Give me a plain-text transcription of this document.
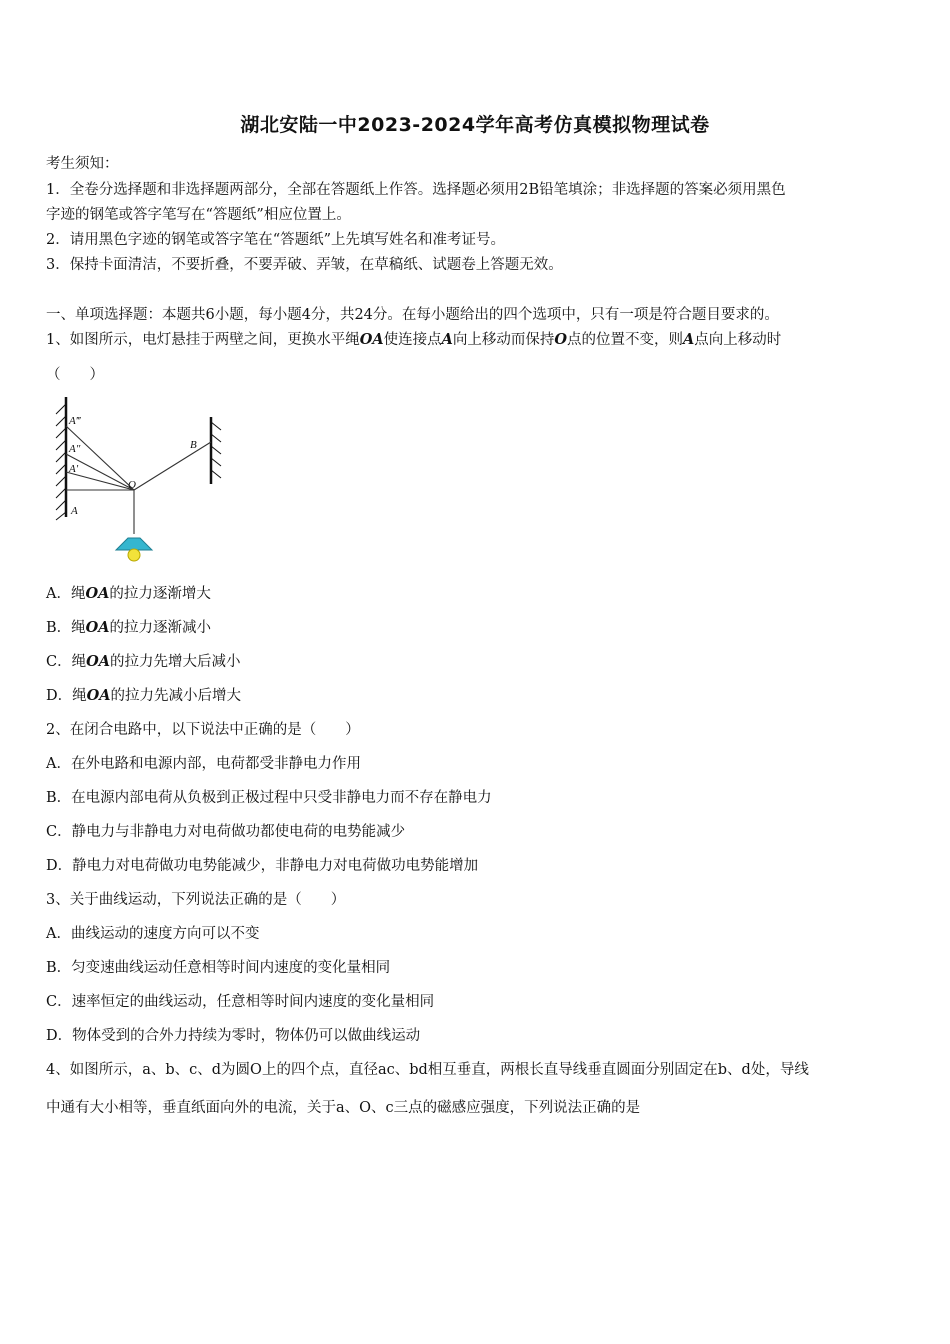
湖北安陆一中2023-2024学年高考仿真模拟物理试卷
考生须知：
1．全卷分选择题和非选择题两部分，全部在答题纸上作答。选择题必须用2B铅笔填涂；非选择题的答案必须用黑色
字迹的钢笔或答字笔写在“答题纸”相应位置上。
2．请用黑色字迹的钢笔或答字笔在“答题纸”上先填写姓名和准考证号。
3．保持卡面清洁，不要折叠，不要弄破、弄皱，在草稿纸、试题卷上答题无效。
一、单项选择题：本题共6小题，每小题4分，共24分。在每小题给出的四个选项中，只有一项是符合题目要求的。
1、如图所示，电灯悬挂于两壁之间，更换水平绳OA使连接点A向上移动而保持O点的位置不变，则A点向上移动时
（　　）
A‴
A″
A′
A
O
B
A．绳OA的拉力逐渐增大
B．绳OA的拉力逐渐减小
C．绳OA的拉力先增大后减小
D．绳OA的拉力先减小后增大
2、在闭合电路中，以下说法中正确的是（　　）
A．在外电路和电源内部，电荷都受非静电力作用
B．在电源内部电荷从负极到正极过程中只受非静电力而不存在静电力
C．静电力与非静电力对电荷做功都使电荷的电势能减少
D．静电力对电荷做功电势能减少，非静电力对电荷做功电势能增加
3、关于曲线运动，下列说法正确的是（　　）
A．曲线运动的速度方向可以不变
B．匀变速曲线运动任意相等时间内速度的变化量相同
C．速率恒定的曲线运动，任意相等时间内速度的变化量相同
D．物体受到的合外力持续为零时，物体仍可以做曲线运动
4、如图所示，a、b、c、d为圆O上的四个点，直径ac、bd相互垂直，两根长直导线垂直圆面分别固定在b、d处，导线
中通有大小相等，垂直纸面向外的电流，关于a、O、c三点的磁感应强度，下列说法正确的是
